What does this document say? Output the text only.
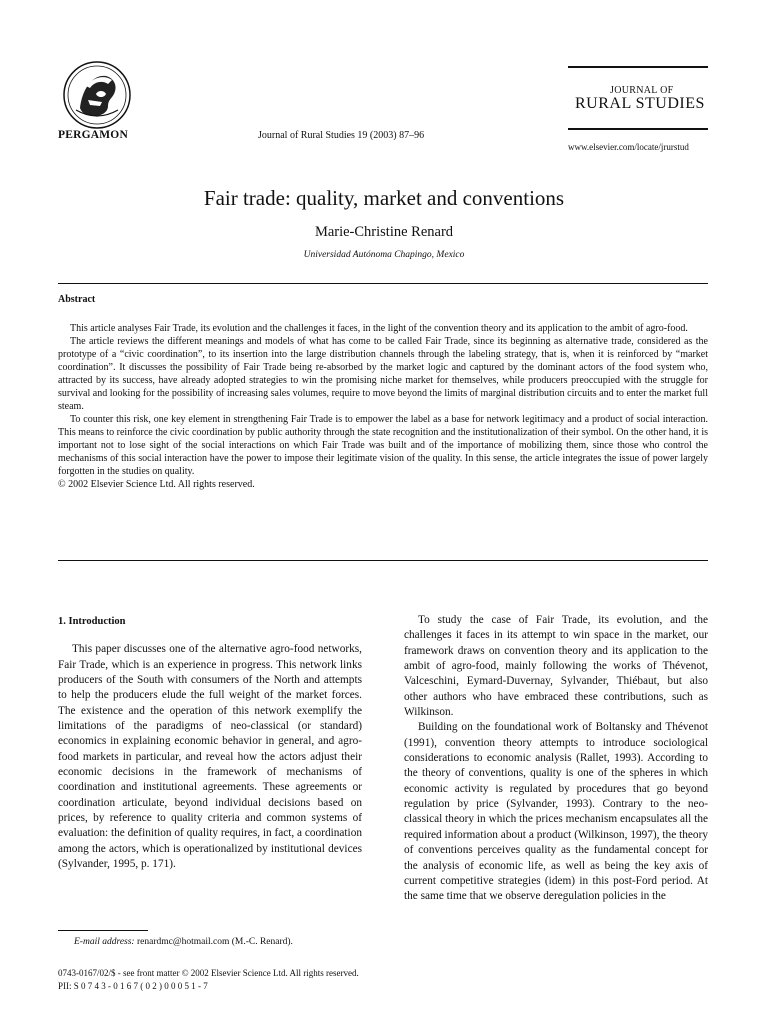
PERGAMON	Journal of Rural Studies 19 (2003) 87–96
JOURNAL OF
RURAL STUDIES
www.elsevier.com/locate/jrurstud
Fair trade: quality, market and conventions
Marie-Christine Renard
Universidad Autónoma Chapingo, Mexico
Abstract

This article analyses Fair Trade, its evolution and the challenges it faces, in the light of the convention theory and its application to the ambit of agro-food.

The article reviews the different meanings and models of what has come to be called Fair Trade, since its beginning as alternative trade, considered as the prototype of a “civic coordination”, to its insertion into the large distribution channels through the labeling strategy, that is, when it is reinforced by “market coordination”. It discusses the possibility of Fair Trade being re-absorbed by the market logic and captured by the dominant actors of the food system who, attracted by its success, have already adopted strategies to win the promising niche market for themselves, while producers preoccupied with the struggle for survival and looking for the possibility of increasing sales volumes, require to move beyond the limits of marginal distribution circuits and to enter the market full steam.

To counter this risk, one key element in strengthening Fair Trade is to empower the label as a base for network legitimacy and a product of social interaction. This means to reinforce the civic coordination by public authority through the state recognition and the institutionalization of their symbol. On the other hand, it is important not to lose sight of the social interactions on which Fair Trade was built and of the importance of mobilizing them, since those who control the mechanisms of this social interaction have the power to impose their legitimate vision of the quality. In this sense, the article integrates the issue of power largely forgotten in the studies on quality.

© 2002 Elsevier Science Ltd. All rights reserved.

1. Introduction

This paper discusses one of the alternative agro-food networks, Fair Trade, which is an experience in progress. This network links producers of the South with consumers of the North and attempts to help the producers elude the full weight of the market forces. The existence and the operation of this network exemplify the limitations of the paradigms of neo-classical (or standard) economics in explaining economic behavior in general, and agro-food markets in particular, and reveal how the actors adjust their economic decisions in the framework of mechanisms of coordination and institutional agreements. These agreements or coordination articulate, beyond individual decisions based on prices, by reference to quality criteria and common systems of evaluation: the definition of quality requires, in fact, a coordination among the actors, which is operationalized by institutional devices (Sylvander, 1995, p. 171).

To study the case of Fair Trade, its evolution, and the challenges it faces in its attempt to win space in the market, our framework draws on convention theory and its application to the ambit of agro-food, mainly following the works of Thévenot, Valceschini, Eymard-Duvernay, Sylvander, Thiébaut, but also other authors who have embraced these contributions, such as Wilkinson.

Building on the foundational work of Boltansky and Thévenot (1991), convention theory attempts to introduce sociological considerations to economic analysis (Rallet, 1993). According to the theory of conventions, quality is one of the spheres in which economic activity is regulated by procedures that go beyond regulation by price (Sylvander, 1993). Contrary to the neo-classical theory in which the prices mechanism encapsulates all the required information about a product (Wilkinson, 1997), the theory of conventions perceives quality as the fundamental concept for the analysis of economic life, as well as being the key axis of current competitive strategies (idem) in this post-Ford period. At the same time that we observe deregulation policies in the

E-mail address: renardmc@hotmail.com (M.-C. Renard).
0743-0167/02/$ - see front matter © 2002 Elsevier Science Ltd. All rights reserved.
PII: S 0 7 4 3 - 0 1 6 7 ( 0 2 ) 0 0 0 5 1 - 7
